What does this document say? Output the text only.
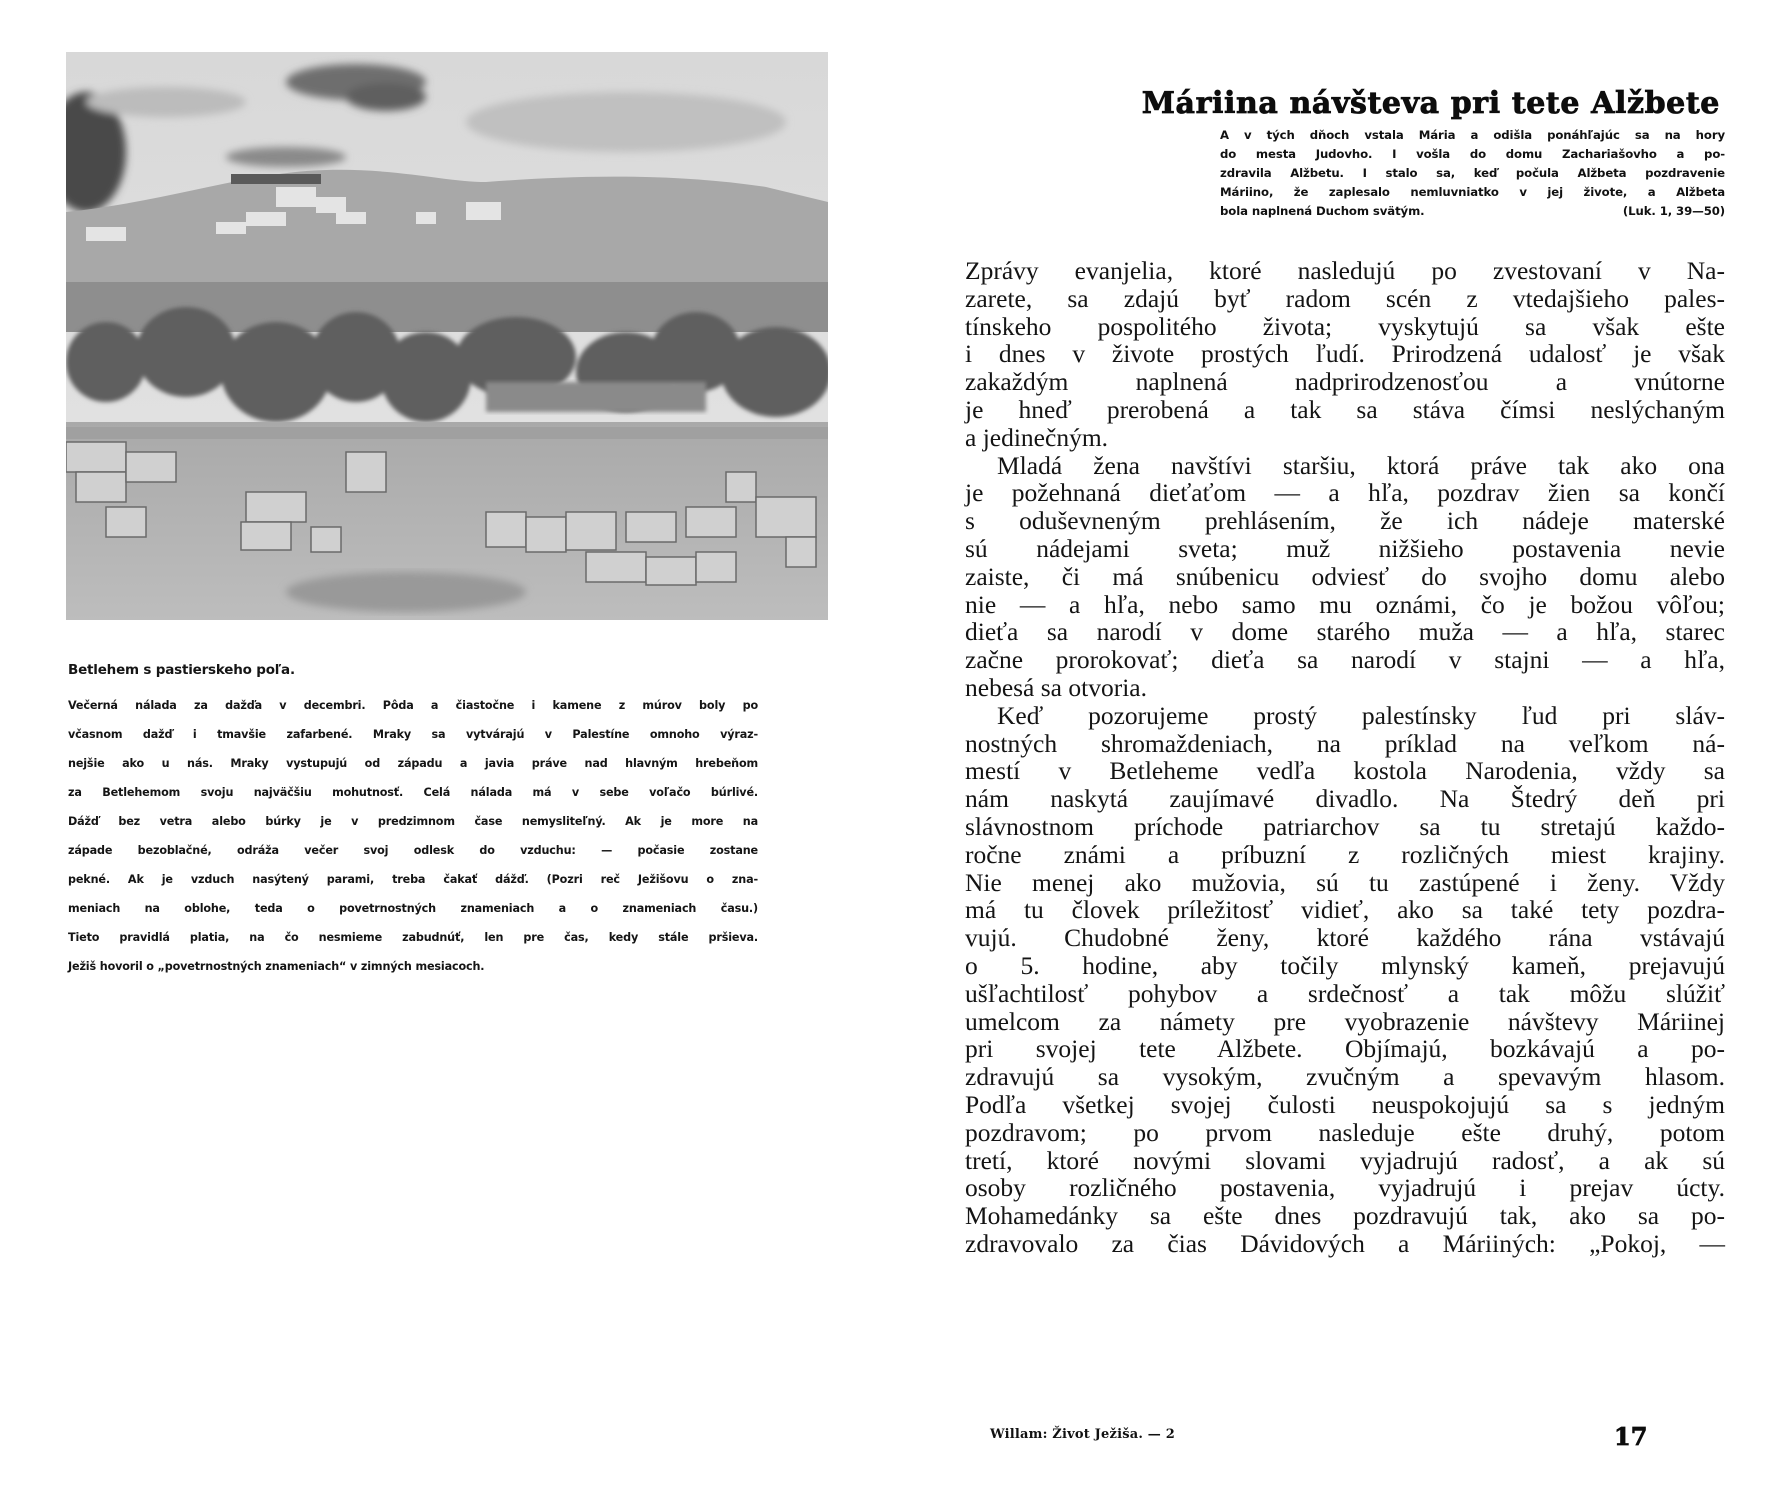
Betlehem s pastierskeho poľa.
Večerná nálada za dažďa v decembri. Pôda a čiastočne i kamene z múrov boly po
včasnom dažď i tmavšie zafarbené. Mraky sa vytvárajú v Palestíne omnoho výraz-
nejšie ako u nás. Mraky vystupujú od západu a javia práve nad hlavným hrebeňom
za Betlehemom svoju najväčšiu mohutnosť. Celá nálada má v sebe voľačo búrlivé.
Dážď bez vetra alebo búrky je v predzimnom čase nemysliteľný. Ak je more na
západe bezoblačné, odráža večer svoj odlesk do vzduchu: — počasie zostane
pekné. Ak je vzduch nasýtený parami, treba čakať dážď. (Pozri reč Ježišovu o zna-
meniach na oblohe, teda o povetrnostných znameniach a o znameniach času.)
Tieto pravidlá platia, na čo nesmieme zabudnúť, len pre čas, kedy stále pršieva.
Ježiš hovoril o „povetrnostných znameniach“ v zimných mesiacoch.
Máriina návšteva pri tete Alžbete
A v tých dňoch vstala Mária a odišla ponáhľajúc sa na hory
do mesta Judovho. I vošla do domu Zachariašovho a po-
zdravila Alžbetu. I stalo sa, keď počula Alžbeta pozdravenie
Máriino, že zaplesalo nemluvniatko v jej živote, a Alžbeta
bola naplnená Duchom svätým.	(Luk. 1, 39—50)
Zprávy evanjelia, ktoré nasledujú po zvestovaní v Na-
zarete, sa zdajú byť radom scén z vtedajšieho pales-
tínskeho pospolitého života; vyskytujú sa však ešte
i dnes v živote prostých ľudí. Prirodzená udalosť je však
zakaždým naplnená nadprirodzenosťou a vnútorne
je hneď prerobená a tak sa stáva čímsi neslýchaným
a jedinečným.
Mladá žena navštívi staršiu, ktorá práve tak ako ona
je požehnaná dieťaťom — a hľa, pozdrav žien sa končí
s oduševneným prehlásením, že ich nádeje materské
sú nádejami sveta; muž nižšieho postavenia nevie
zaiste, či má snúbenicu odviesť do svojho domu alebo
nie — a hľa, nebo samo mu oznámi, čo je božou vôľou;
dieťa sa narodí v dome starého muža — a hľa, starec
začne prorokovať; dieťa sa narodí v stajni — a hľa,
nebesá sa otvoria.
Keď pozorujeme prostý palestínsky ľud pri sláv-
nostných shromaždeniach, na príklad na veľkom ná-
mestí v Betleheme vedľa kostola Narodenia, vždy sa
nám naskytá zaujímavé divadlo. Na Štedrý deň pri
slávnostnom príchode patriarchov sa tu stretajú každo-
ročne známi a príbuzní z rozličných miest krajiny.
Nie menej ako mužovia, sú tu zastúpené i ženy. Vždy
má tu človek príležitosť vidieť, ako sa také tety pozdra-
vujú. Chudobné ženy, ktoré každého rána vstávajú
o 5. hodine, aby točily mlynský kameň, prejavujú
ušľachtilosť pohybov a srdečnosť a tak môžu slúžiť
umelcom za námety pre vyobrazenie návštevy Máriinej
pri svojej tete Alžbete. Objímajú, bozkávajú a po-
zdravujú sa vysokým, zvučným a spevavým hlasom.
Podľa všetkej svojej čulosti neuspokojujú sa s jedným
pozdravom; po prvom nasleduje ešte druhý, potom
tretí, ktoré novými slovami vyjadrujú radosť, a ak sú
osoby rozličného postavenia, vyjadrujú i prejav úcty.
Mohamedánky sa ešte dnes pozdravujú tak, ako sa po-
zdravovalo za čias Dávidových a Máriiných: „Pokoj, —
Willam: Život Ježiša. — 2	17
